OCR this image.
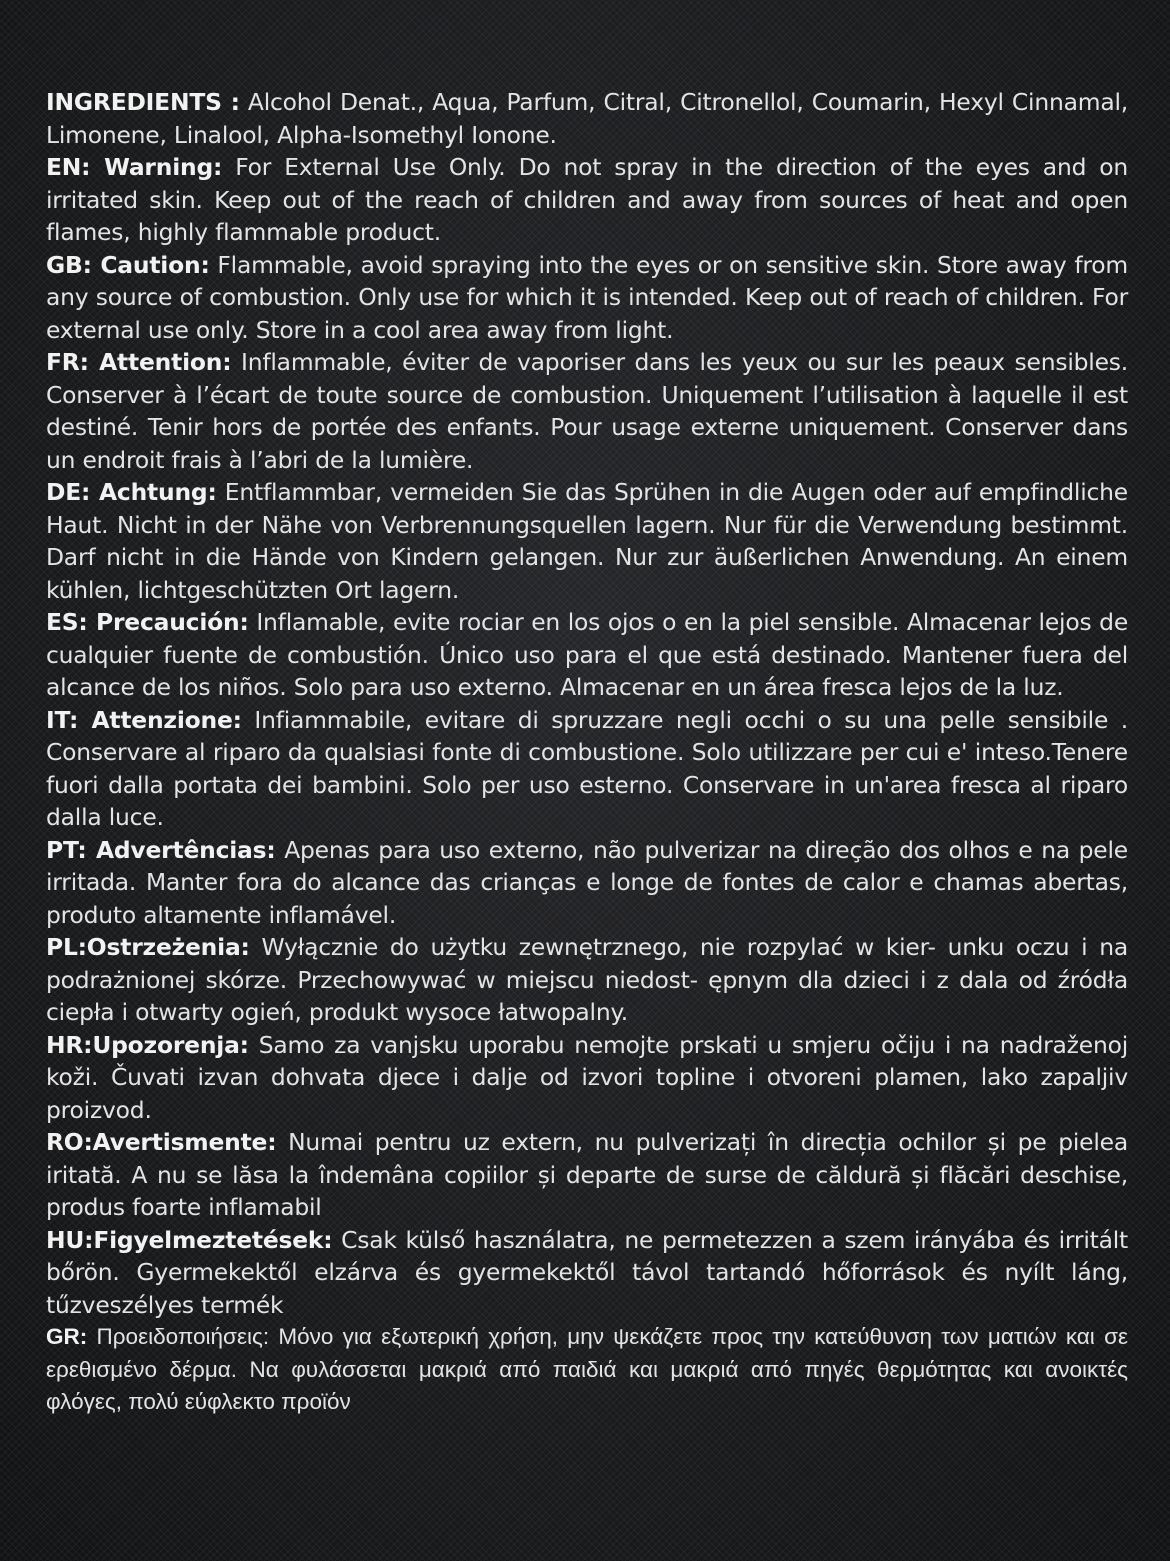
INGREDIENTS : Alcohol Denat., Aqua, Parfum, Citral, Citronellol, Coumarin, Hexyl Cinnamal, Limonene, Linalool, Alpha-Isomethyl Ionone.

EN: Warning: For External Use Only. Do not spray in the direction of the eyes and on irritated skin. Keep out of the reach of children and away from sources of heat and open flames, highly flammable product.

GB: Caution: Flammable, avoid spraying into the eyes or on sensitive skin. Store away from any source of combustion. Only use for which it is intended. Keep out of reach of children. For external use only. Store in a cool area away from light.

FR: Attention: Inflammable, éviter de vaporiser dans les yeux ou sur les peaux sensibles. Conserver à l’écart de toute source de combustion. Uniquement l’utilisation à laquelle il est destiné. Tenir hors de portée des enfants. Pour usage externe uniquement. Conserver dans un endroit frais à l’abri de la lumière.

DE: Achtung: Entflammbar, vermeiden Sie das Sprühen in die Augen oder auf empfindliche Haut. Nicht in der Nähe von Verbrennungsquellen lagern. Nur für die Verwendung bestimmt. Darf nicht in die Hände von Kindern gelangen. Nur zur äußerlichen Anwendung. An einem kühlen, lichtgeschützten Ort lagern.

ES: Precaución: Inflamable, evite rociar en los ojos o en la piel sensible. Almacenar lejos de cualquier fuente de combustión. Único uso para el que está destinado. Mantener fuera del alcance de los niños. Solo para uso externo. Almacenar en un área fresca lejos de la luz.

IT: Attenzione: Infiammabile, evitare di spruzzare negli occhi o su una pelle sensibile . Conservare al riparo da qualsiasi fonte di combustione. Solo utilizzare per cui e' inteso.Tenere fuori dalla portata dei bambini. Solo per uso esterno. Conservare in un'area fresca al riparo dalla luce.

PT: Advertências: Apenas para uso externo, não pulverizar na direção dos olhos e na pele irritada. Manter fora do alcance das crianças e longe de fontes de calor e chamas abertas, produto altamente inflamável.

PL:Ostrzeżenia: Wyłącznie do użytku zewnętrznego, nie rozpylać w kier- unku oczu i na podrażnionej skórze. Przechowywać w miejscu niedost- ępnym dla dzieci i z dala od źródła ciepła i otwarty ogień, produkt wysoce łatwopalny.

HR:Upozorenja: Samo za vanjsku uporabu nemojte prskati u smjeru očiju i na nadraženoj koži. Čuvati izvan dohvata djece i dalje od izvori topline i otvoreni plamen, lako zapaljiv proizvod.

RO:Avertismente: Numai pentru uz extern, nu pulverizați în direcția ochilor și pe pielea iritată. A nu se lăsa la îndemâna copiilor și departe de surse de căldură și flăcări deschise, produs foarte inflamabil

HU:Figyelmeztetések: Csak külső használatra, ne permetezzen a szem irányába és irritált bőrön. Gyermekektől elzárva és gyermekektől távol tartandó hőforrások és nyílt láng, tűzveszélyes termék

GR: Προειδοποιήσεις: Μόνο για εξωτερική χρήση, μην ψεκάζετε προς την κατεύθυνση των ματιών και σε ερεθισμένο δέρμα. Να φυλάσσεται μακριά από παιδιά και μακριά από πηγές θερμότητας και ανοικτές φλόγες, πολύ εύφλεκτο προϊόν
